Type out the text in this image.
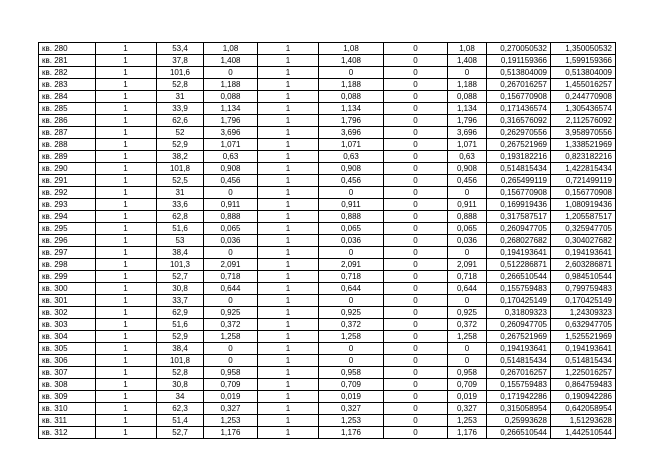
кв. 280	1	53,4	1,08	1	1,08	0	1,08	0,270050532	1,350050532
кв. 281	1	37,8	1,408	1	1,408	0	1,408	0,191159366	1,599159366
кв. 282	1	101,6	0	1	0	0	0	0,513804009	0,513804009
кв. 283	1	52,8	1,188	1	1,188	0	1,188	0,267016257	1,455016257
кв. 284	1	31	0,088	1	0,088	0	0,088	0,156770908	0,244770908
кв. 285	1	33,9	1,134	1	1,134	0	1,134	0,171436574	1,305436574
кв. 286	1	62,6	1,796	1	1,796	0	1,796	0,316576092	2,112576092
кв. 287	1	52	3,696	1	3,696	0	3,696	0,262970556	3,958970556
кв. 288	1	52,9	1,071	1	1,071	0	1,071	0,267521969	1,338521969
кв. 289	1	38,2	0,63	1	0,63	0	0,63	0,193182216	0,823182216
кв. 290	1	101,8	0,908	1	0,908	0	0,908	0,514815434	1,422815434
кв. 291	1	52,5	0,456	1	0,456	0	0,456	0,265499119	0,721499119
кв. 292	1	31	0	1	0	0	0	0,156770908	0,156770908
кв. 293	1	33,6	0,911	1	0,911	0	0,911	0,169919436	1,080919436
кв. 294	1	62,8	0,888	1	0,888	0	0,888	0,317587517	1,205587517
кв. 295	1	51,6	0,065	1	0,065	0	0,065	0,260947705	0,325947705
кв. 296	1	53	0,036	1	0,036	0	0,036	0,268027682	0,304027682
кв. 297	1	38,4	0	1	0	0	0	0,194193641	0,194193641
кв. 298	1	101,3	2,091	1	2,091	0	2,091	0,512286871	2,603286871
кв. 299	1	52,7	0,718	1	0,718	0	0,718	0,266510544	0,984510544
кв. 300	1	30,8	0,644	1	0,644	0	0,644	0,155759483	0,799759483
кв. 301	1	33,7	0	1	0	0	0	0,170425149	0,170425149
кв. 302	1	62,9	0,925	1	0,925	0	0,925	0,31809323	1,24309323
кв. 303	1	51,6	0,372	1	0,372	0	0,372	0,260947705	0,632947705
кв. 304	1	52,9	1,258	1	1,258	0	1,258	0,267521969	1,525521969
кв. 305	1	38,4	0	1	0	0	0	0,194193641	0,194193641
кв. 306	1	101,8	0	1	0	0	0	0,514815434	0,514815434
кв. 307	1	52,8	0,958	1	0,958	0	0,958	0,267016257	1,225016257
кв. 308	1	30,8	0,709	1	0,709	0	0,709	0,155759483	0,864759483
кв. 309	1	34	0,019	1	0,019	0	0,019	0,171942286	0,190942286
кв. 310	1	62,3	0,327	1	0,327	0	0,327	0,315058954	0,642058954
кв. 311	1	51,4	1,253	1	1,253	0	1,253	0,25993628	1,51293628
кв. 312	1	52,7	1,176	1	1,176	0	1,176	0,266510544	1,442510544
